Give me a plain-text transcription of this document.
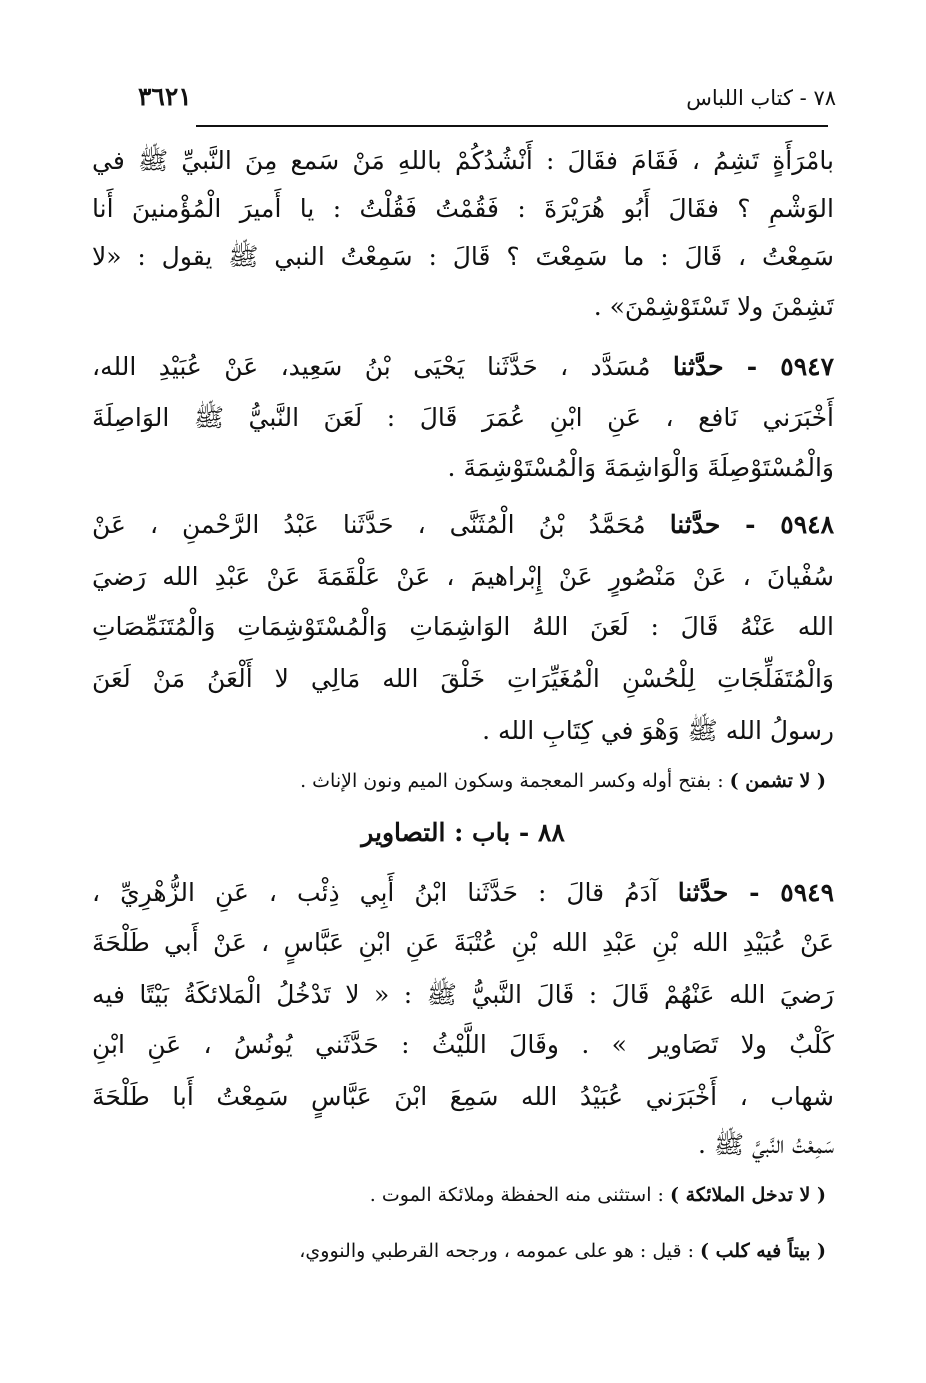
٧٨ - كتاب اللباس
٣٦٢١
بامْرَأَةٍ تَشِمُ ، فَقَامَ فقَالَ : أَنْشُدُكُمْ باللهِ مَنْ سَمع مِنَ النَّبيِّ ﷺ في
الوَشْمِ ؟ فقَالَ أَبُو هُرَيْرَةَ : فَقُمْتُ فَقُلْتُ : يا أَميرَ الْمُؤْمنينَ أَنا
سَمِعْتُ ، قَالَ : ما سَمِعْتَ ؟ قَالَ : سَمِعْتُ النبي ﷺ يقول : «لا
تَشِمْنَ ولا تَسْتَوْشِمْنَ» .
٥٩٤٧ - حدَّثنا مُسَدَّد ، حَدَّثَنا يَحْيَى بْنُ سَعِيد، عَنْ عُبَيْدِ الله،
أَخْبَرَني نَافع ، عَنِ ابْنِ عُمَرَ قَالَ : لَعَنَ النَّبيُّ ﷺ الوَاصِلَةَ
وَالْمُسْتَوْصِلَةَ وَالْوَاشِمَةَ وَالْمُسْتَوْشِمَةَ .
٥٩٤٨ - حدَّثنا مُحَمَّدُ بْنُ الْمُثَنَّى ، حَدَّثَنا عَبْدُ الرَّحْمنِ ، عَنْ
سُفْيانَ ، عَنْ مَنْصُورٍ عَنْ إِبْراهيمَ ، عَنْ عَلْقَمَةَ عَنْ عَبْدِ الله رَضيَ
الله عَنْهُ قَالَ : لَعَنَ اللهُ الوَاشِمَاتِ وَالْمُسْتَوْشِمَاتِ وَالْمُتَنَمِّصَاتِ
وَالْمُتَفَلِّجَاتِ لِلْحُسْنِ الْمُغَيِّرَاتِ خَلْقَ الله مَالِي لا أَلْعَنُ مَنْ لَعَنَ
رسولُ الله ﷺ وَهْوَ في كِتَابِ الله .
( لا تشمن ) : بفتح أوله وكسر المعجمة وسكون الميم ونون الإناث .
٨٨ - باب : التصاوير
٥٩٤٩ - حدَّثنا آدَمُ قالَ : حَدَّثَنا ابْنُ أَبِي ذِئْب ، عَنِ الزُّهْرِيِّ ،
عَنْ عُبَيْدِ الله بْنِ عَبْدِ الله بْنِ عُتْبَةَ عَنِ ابْنِ عَبَّاسٍ ، عَنْ أَبي طَلْحَةَ
رَضيَ الله عَنْهُمْ قَالَ : قَالَ النَّبيُّ ﷺ : « لا تَدْخُلُ الْمَلائكَةُ بَيْتًا فيه
كَلْبٌ ولا تَصَاوير » . وقَالَ اللَّيْثُ : حَدَّثَني يُونُسُ ، عَنِ ابْنِ
شهاب ، أَخْبَرَني عُبَيْدُ الله سَمِعَ ابْنَ عَبَّاسٍ سَمِعْتُ أَبا طَلْحَةَ
سَمِعْتُ النَّبيَّ ﷺ .
( لا تدخل الملائكة ) : استثنى منه الحفظة وملائكة الموت .
( بيتاً فيه كلب ) : قيل : هو على عمومه ، ورجحه القرطبي والنووي،
